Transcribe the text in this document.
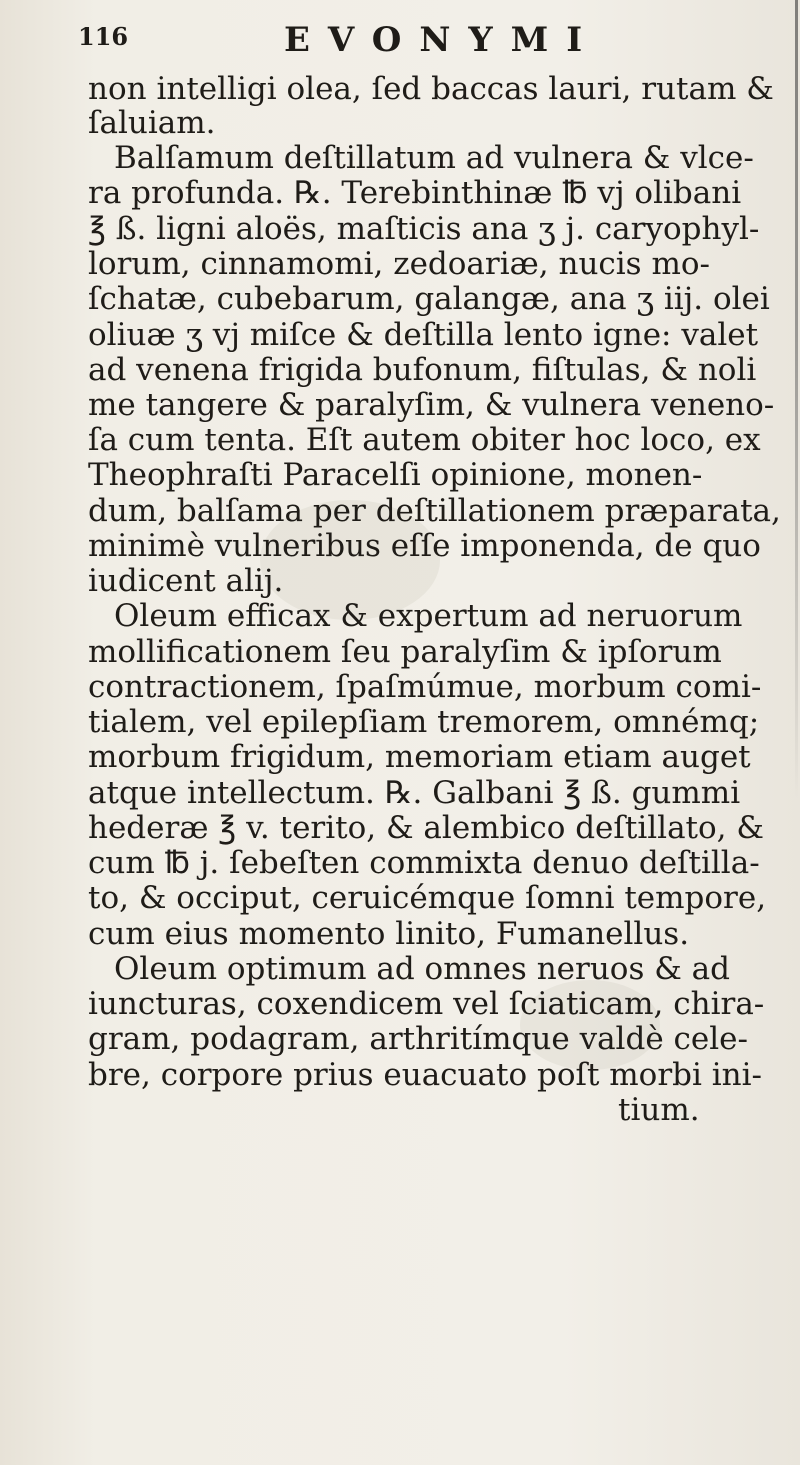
116	EVONYMI
non intelligi olea, ſed baccas lauri, rutam &
ſaluiam.
Balſamum deſtillatum ad vulnera & vlce-
ra profunda. ℞. Terebinthinæ ℔ vj olibani
℥ ß. ligni aloës, maſticis ana ʒ j. caryophyl-
lorum, cinnamomi, zedoariæ, nucis mo-
ſchatæ, cubebarum, galangæ, ana ʒ iij. olei
oliuæ ʒ vj miſce & deſtilla lento igne: valet
ad venena frigida bufonum, fiſtulas, & noli
me tangere & paralyſim, & vulnera veneno-
ſa cum tenta. Eſt autem obiter hoc loco, ex
Theophraſti Paracelſi opinione, monen-
dum, balſama per deſtillationem præparata,
minimè vulneribus eſſe imponenda, de quo
iudicent alij.
Oleum efficax & expertum ad neruorum
mollificationem ſeu paralyſim & ipſorum
contractionem, ſpaſmúmue, morbum comi-
tialem, vel epilepſiam tremorem, omnémq;
morbum frigidum, memoriam etiam auget
atque intellectum. ℞. Galbani ℥ ß. gummi
hederæ ℥ v. terito, & alembico deſtillato, &
cum ℔ j. ſebeſten commixta denuo deſtilla-
to, & occiput, ceruicémque ſomni tempore,
cum eius momento linito, Fumanellus.
Oleum optimum ad omnes neruos & ad
iuncturas, coxendicem vel ſciaticam, chira-
gram, podagram, arthritímque valdè cele-
bre, corpore prius euacuato poſt morbi ini-
tium.
